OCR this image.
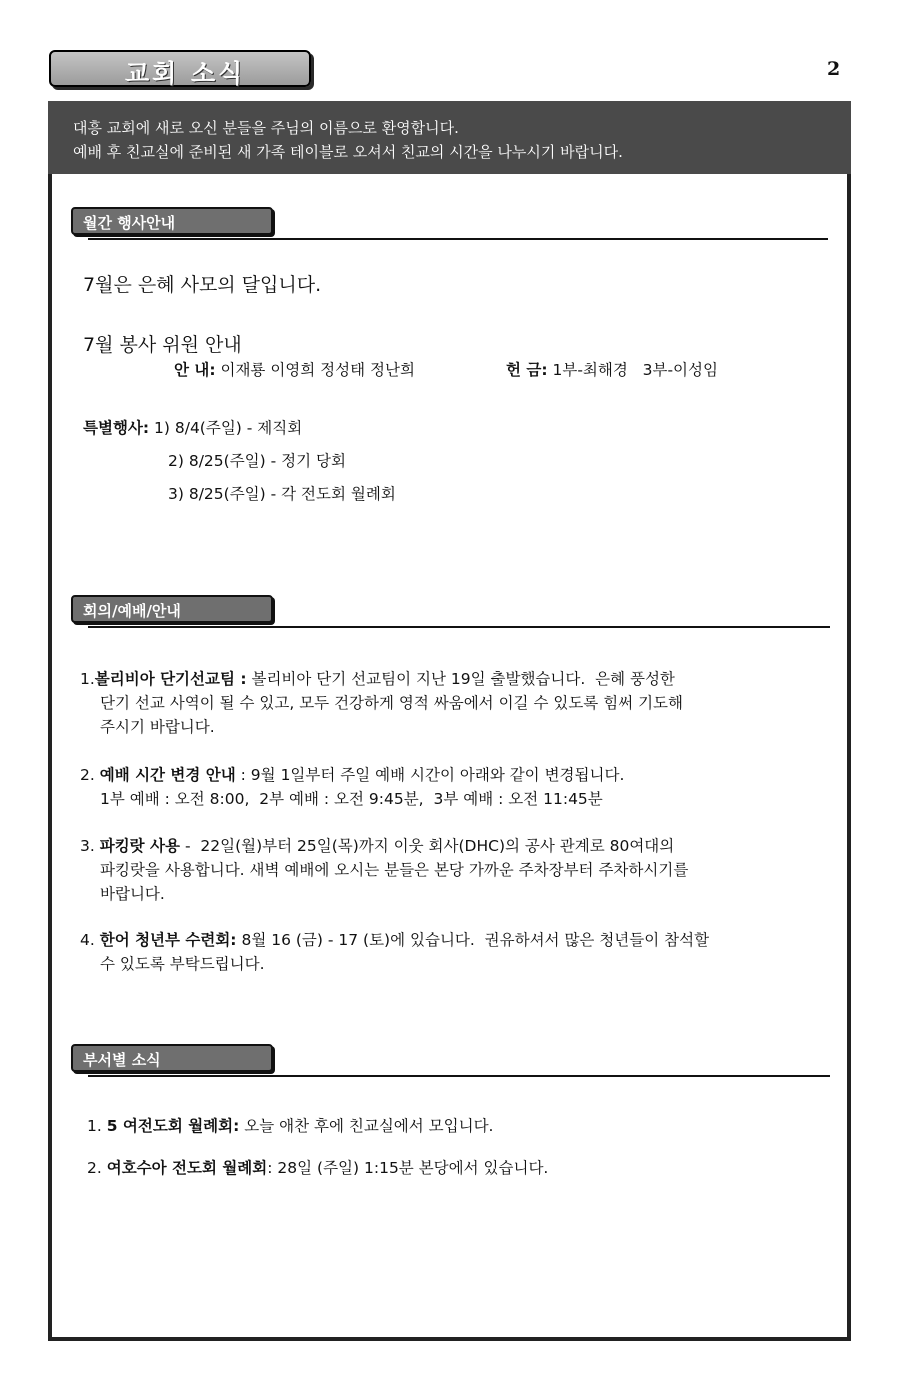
교회 소식	2

대흥 교회에 새로 오신 분들을 주님의 이름으로 환영합니다.

예배 후 친교실에 준비된 새 가족 테이블로 오셔서 친교의 시간을 나누시기 바랍니다.

월간 행사안내

7월은 은혜 사모의 달입니다.

7월 봉사 위원 안내

안 내: 이재룡 이영희 정성태 정난희	헌 금: 1부-최해경   3부-이성임

특별행사: 1) 8/4(주일) - 제직회

2) 8/25(주일) - 정기 당회

3) 8/25(주일) - 각 전도회 월례회

회의/예배/안내

1.볼리비아 단기선교팀 : 볼리비아 단기 선교팀이 지난 19일 출발했습니다.  은혜 풍성한

단기 선교 사역이 될 수 있고, 모두 건강하게 영적 싸움에서 이길 수 있도록 힘써 기도해

주시기 바랍니다.

2. 예배 시간 변경 안내 : 9월 1일부터 주일 예배 시간이 아래와 같이 변경됩니다.

1부 예배 : 오전 8:00,  2부 예배 : 오전 9:45분,  3부 예배 : 오전 11:45분

3. 파킹랏 사용 -  22일(월)부터 25일(목)까지 이웃 회사(DHC)의 공사 관계로 80여대의

파킹랏을 사용합니다. 새벽 예배에 오시는 분들은 본당 가까운 주차장부터 주차하시기를

바랍니다.

4. 한어 청년부 수련회: 8월 16 (금) - 17 (토)에 있습니다.  권유하셔서 많은 청년들이 참석할

수 있도록 부탁드립니다.

부서별 소식

1. 5 여전도회 월례회: 오늘 애찬 후에 친교실에서 모입니다.

2. 여호수아 전도회 월례회: 28일 (주일) 1:15분 본당에서 있습니다.
